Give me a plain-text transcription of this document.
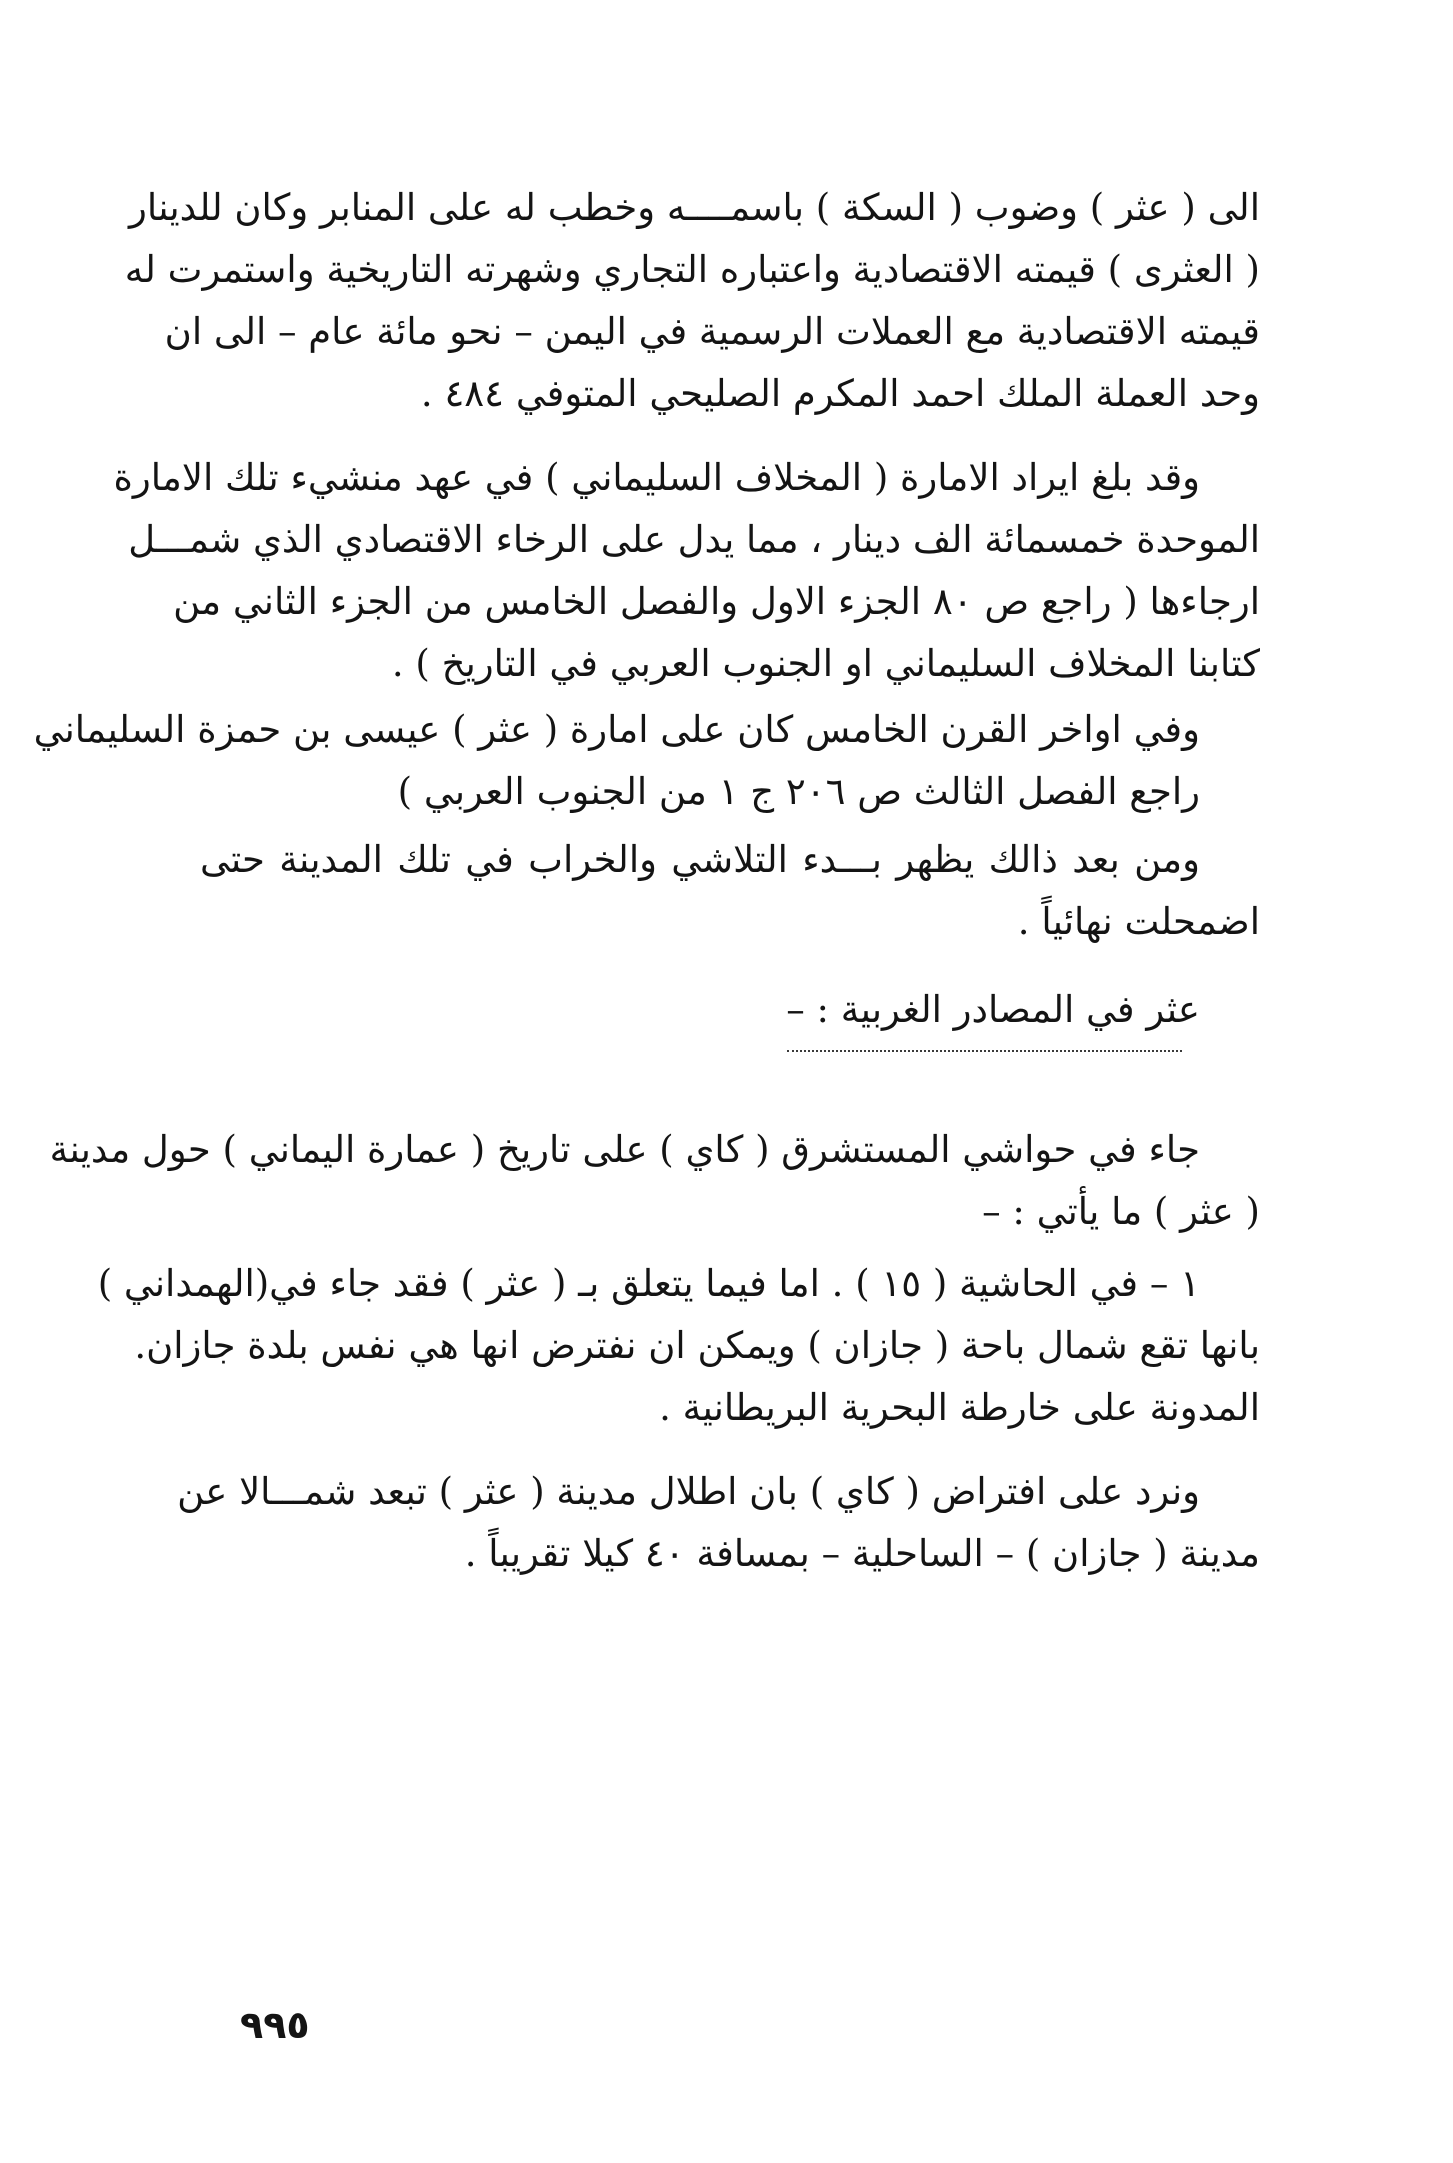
الى ( عثر ) وضوب ( السكة ) باسمــــه وخطب له على المنابر وكان للدينار
( العثرى ) قيمته الاقتصادية واعتباره التجاري وشهرته التاريخية واستمرت له
قيمته الاقتصادية مع العملات الرسمية في اليمن – نحو مائة عام – الى ان
وحد العملة الملك احمد المكرم الصليحي المتوفي ٤٨٤ .
وقد بلغ ايراد الامارة ( المخلاف السليماني ) في عهد منشيء تلك الامارة
الموحدة خمسمائة الف دينار ، مما يدل على الرخاء الاقتصادي الذي شمـــل
ارجاءها ( راجع ص ٨٠ الجزء الاول والفصل الخامس من الجزء الثاني من
كتابنا المخلاف السليماني او الجنوب العربي في التاريخ ) .
وفي اواخر القرن الخامس كان على امارة ( عثر ) عيسى بن حمزة السليماني
راجع الفصل الثالث ص ٢٠٦ ج ١ من الجنوب العربي )
ومن بعد ذالك يظهر بـــدء التلاشي والخراب في تلك المدينة حتى
اضمحلت نهائياً .
عثر في المصادر الغربية : –
جاء في حواشي المستشرق ( كاي ) على تاريخ ( عمارة اليماني ) حول مدينة
( عثر ) ما يأتي : –
١ – في الحاشية ( ١٥ ) . اما فيما يتعلق بـ ( عثر ) فقد جاء في(الهمداني )
بانها تقع شمال باحة ( جازان ) ويمكن ان نفترض انها هي نفس بلدة جازان.
المدونة على خارطة البحرية البريطانية .
ونرد على افتراض ( كاي ) بان اطلال مدينة ( عثر ) تبعد شمـــالا عن
مدينة ( جازان ) – الساحلية – بمسافة ٤٠ كيلا تقريباً .
٩٩٥
